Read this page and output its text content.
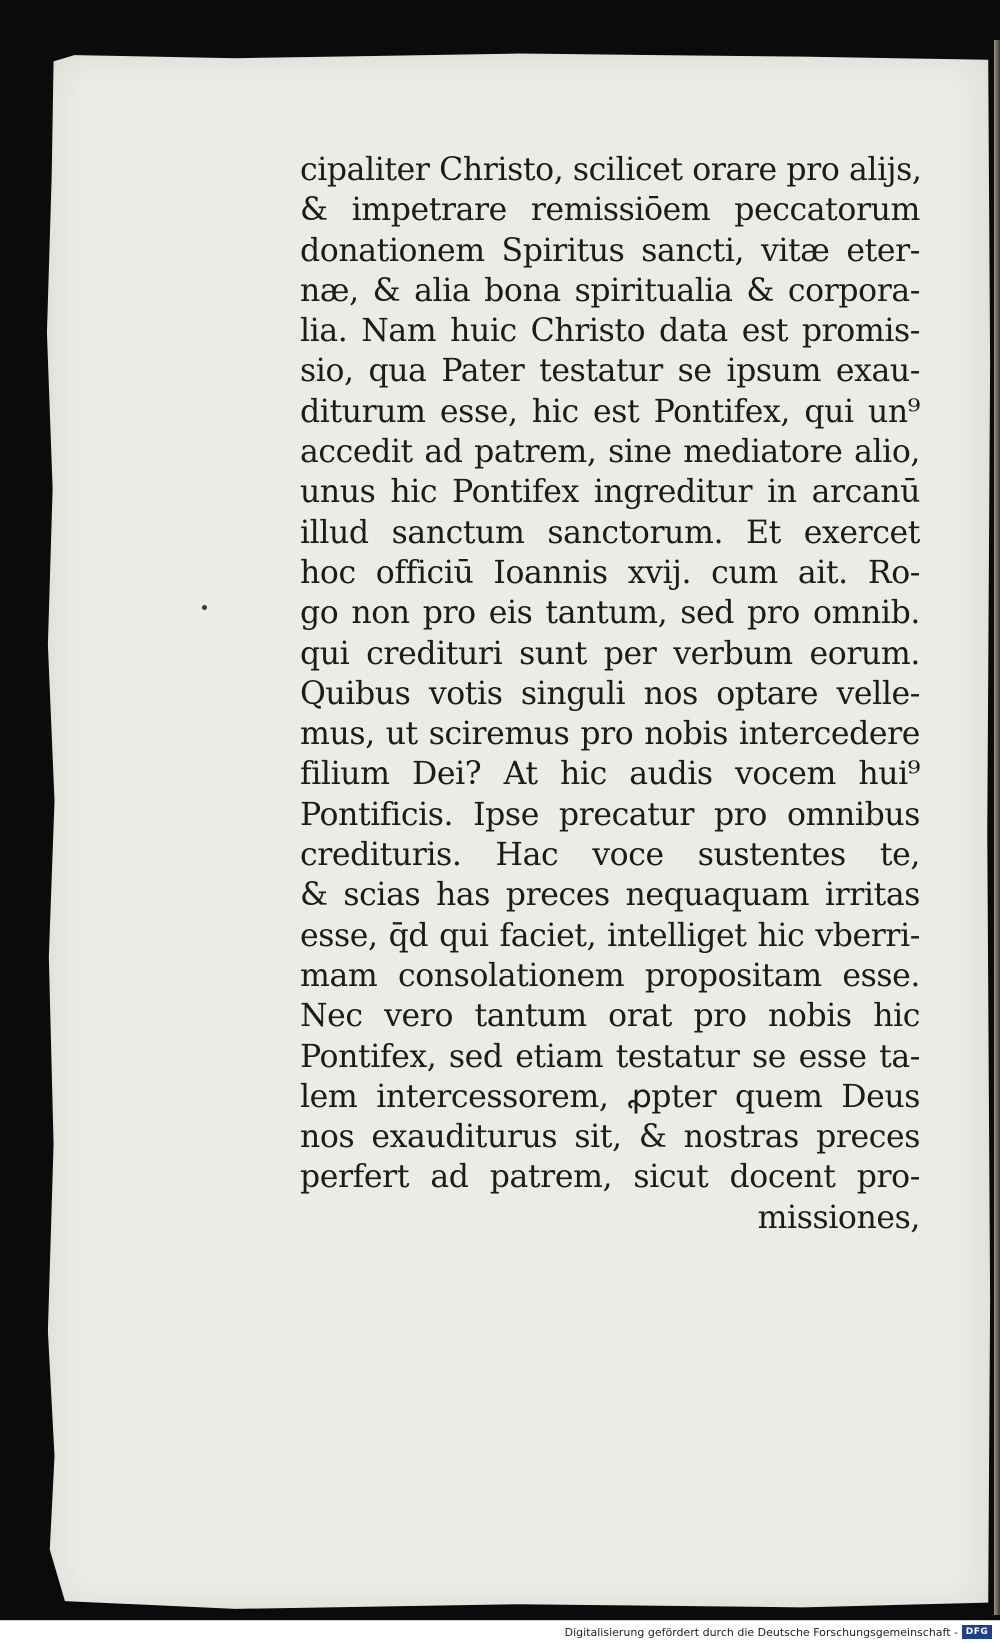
cipaliter Christo, scilicet orare pro alijs,
& impetrare remissiōem peccatorum
donationem Spiritus sancti, vitæ eter-
næ, & alia bona spiritualia & corpora-
lia. Nam huic Christo data est promis-
sio, qua Pater testatur se ipsum exau-
diturum esse, hic est Pontifex, qui un⁹
accedit ad patrem, sine mediatore alio,
unus hic Pontifex ingreditur in arcanū
illud sanctum sanctorum. Et exercet
hoc officiū Ioannis xvij. cum ait. Ro-
go non pro eis tantum, sed pro omnib.
qui credituri sunt per verbum eorum.
Quibus votis singuli nos optare velle-
mus, ut sciremus pro nobis intercedere
filium Dei? At hic audis vocem hui⁹
Pontificis. Ipse precatur pro omnibus
credituris. Hac voce sustentes te,
& scias has preces nequaquam irritas
esse, q̄d qui faciet, intelliget hic vberri-
mam consolationem propositam esse.
Nec vero tantum orat pro nobis hic
Pontifex, sed etiam testatur se esse ta-
lem intercessorem, ꝓpter quem Deus
nos exauditurus sit, & nostras preces
perfert ad patrem, sicut docent pro-
missiones,
Digitalisierung gefördert durch die Deutsche Forschungsgemeinschaft - DFG
